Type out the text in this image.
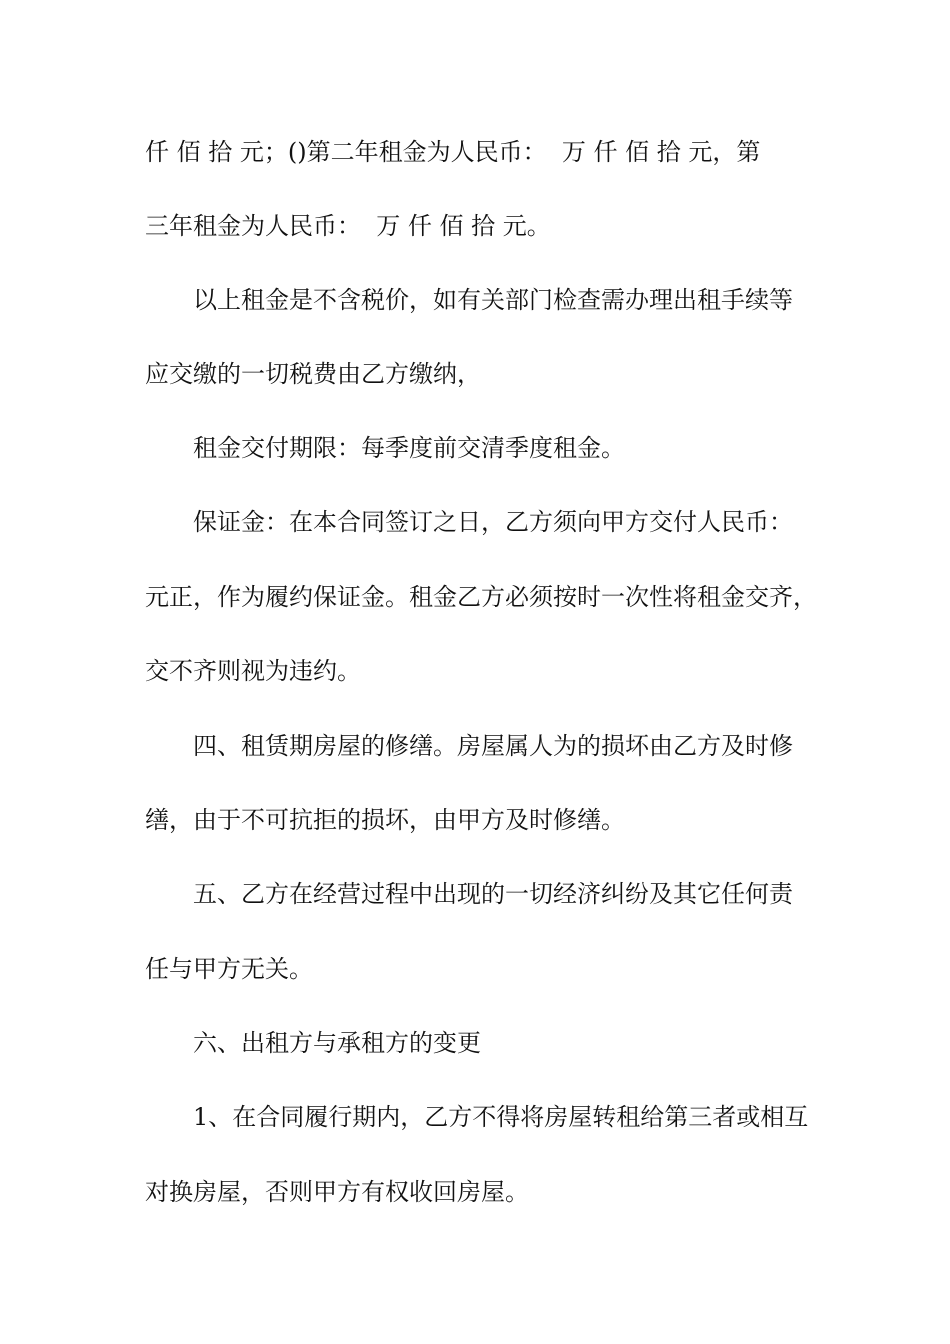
仟 佰 拾 元；()第二年租金为人民币：  万 仟 佰 拾 元，第
三年租金为人民币：  万 仟 佰 拾 元。
以上租金是不含税价，如有关部门检查需办理出租手续等
应交缴的一切税费由乙方缴纳，
租金交付期限：每季度前交清季度租金。
保证金：在本合同签订之日，乙方须向甲方交付人民币：
元正，作为履约保证金。租金乙方必须按时一次性将租金交齐，
交不齐则视为违约。
四、租赁期房屋的修缮。房屋属人为的损坏由乙方及时修
缮，由于不可抗拒的损坏，由甲方及时修缮。
五、乙方在经营过程中出现的一切经济纠纷及其它任何责
任与甲方无关。
六、出租方与承租方的变更
1、在合同履行期内，乙方不得将房屋转租给第三者或相互
对换房屋，否则甲方有权收回房屋。
